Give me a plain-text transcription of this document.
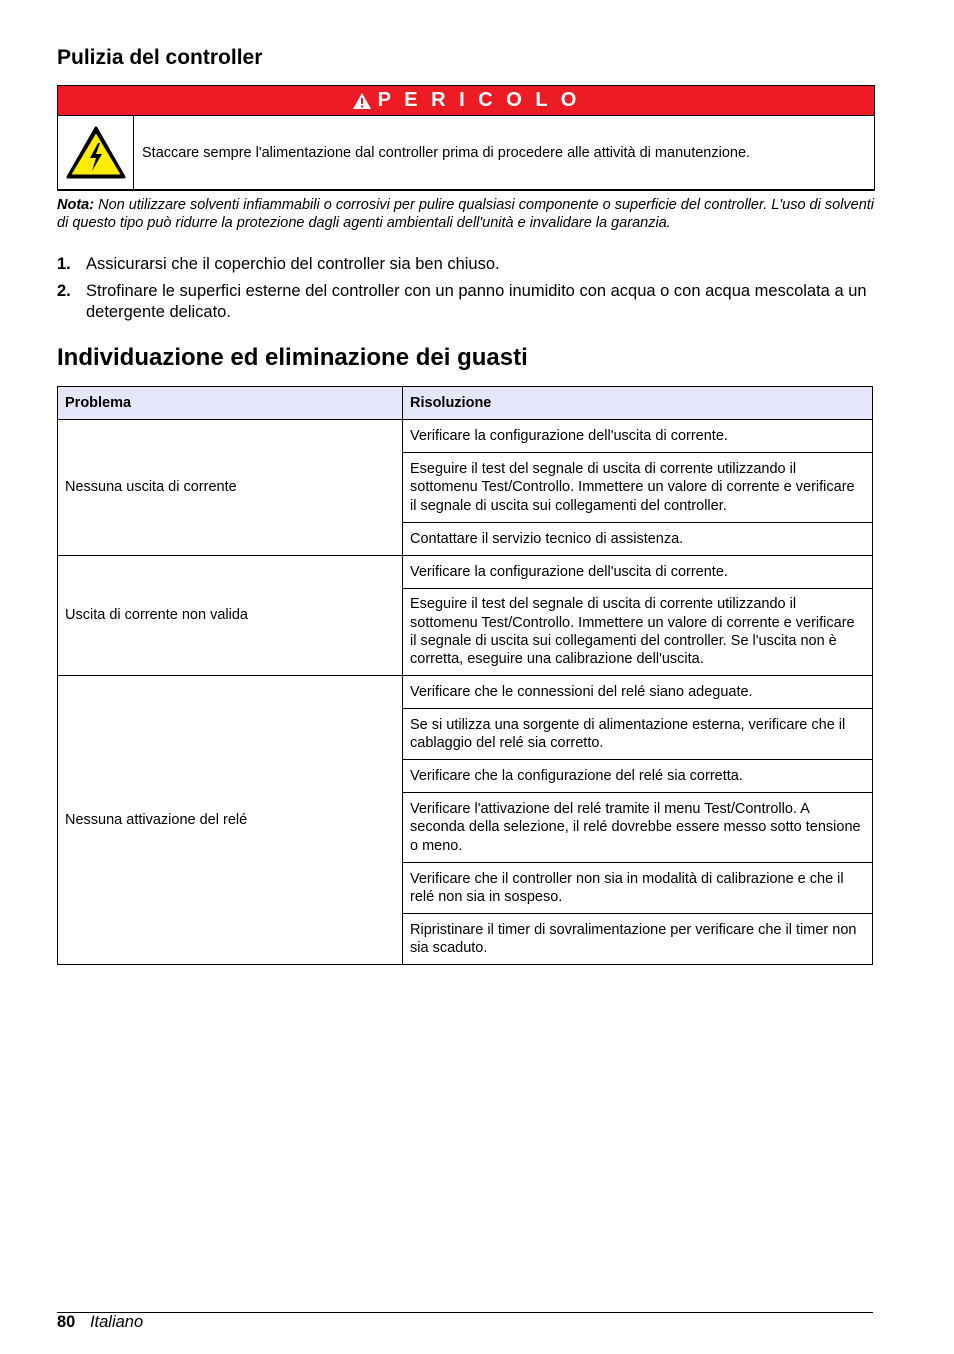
Pulizia del controller
P E R I C O L O
Staccare sempre l'alimentazione dal controller prima di procedere alle attività di manutenzione.
Nota: Non utilizzare solventi infiammabili o corrosivi per pulire qualsiasi componente o superficie del controller. L'uso di solventi di questo tipo può ridurre la protezione dagli agenti ambientali dell'unità e invalidare la garanzia.
1. Assicurarsi che il coperchio del controller sia ben chiuso.
2. Strofinare le superfici esterne del controller con un panno inumidito con acqua o con acqua mescolata a un detergente delicato.
Individuazione ed eliminazione dei guasti
Problema	Risoluzione
Nessuna uscita di corrente	Verificare la configurazione dell'uscita di corrente.
	Eseguire il test del segnale di uscita di corrente utilizzando il sottomenu Test/Controllo. Immettere un valore di corrente e verificare il segnale di uscita sui collegamenti del controller.
	Contattare il servizio tecnico di assistenza.
Uscita di corrente non valida	Verificare la configurazione dell'uscita di corrente.
	Eseguire il test del segnale di uscita di corrente utilizzando il sottomenu Test/Controllo. Immettere un valore di corrente e verificare il segnale di uscita sui collegamenti del controller. Se l'uscita non è corretta, eseguire una calibrazione dell'uscita.
Nessuna attivazione del relé	Verificare che le connessioni del relé siano adeguate.
	Se si utilizza una sorgente di alimentazione esterna, verificare che il cablaggio del relé sia corretto.
	Verificare che la configurazione del relé sia corretta.
	Verificare l'attivazione del relé tramite il menu Test/Controllo. A seconda della selezione, il relé dovrebbe essere messo sotto tensione o meno.
	Verificare che il controller non sia in modalità di calibrazione e che il relé non sia in sospeso.
	Ripristinare il timer di sovralimentazione per verificare che il timer non sia scaduto.
80 Italiano
